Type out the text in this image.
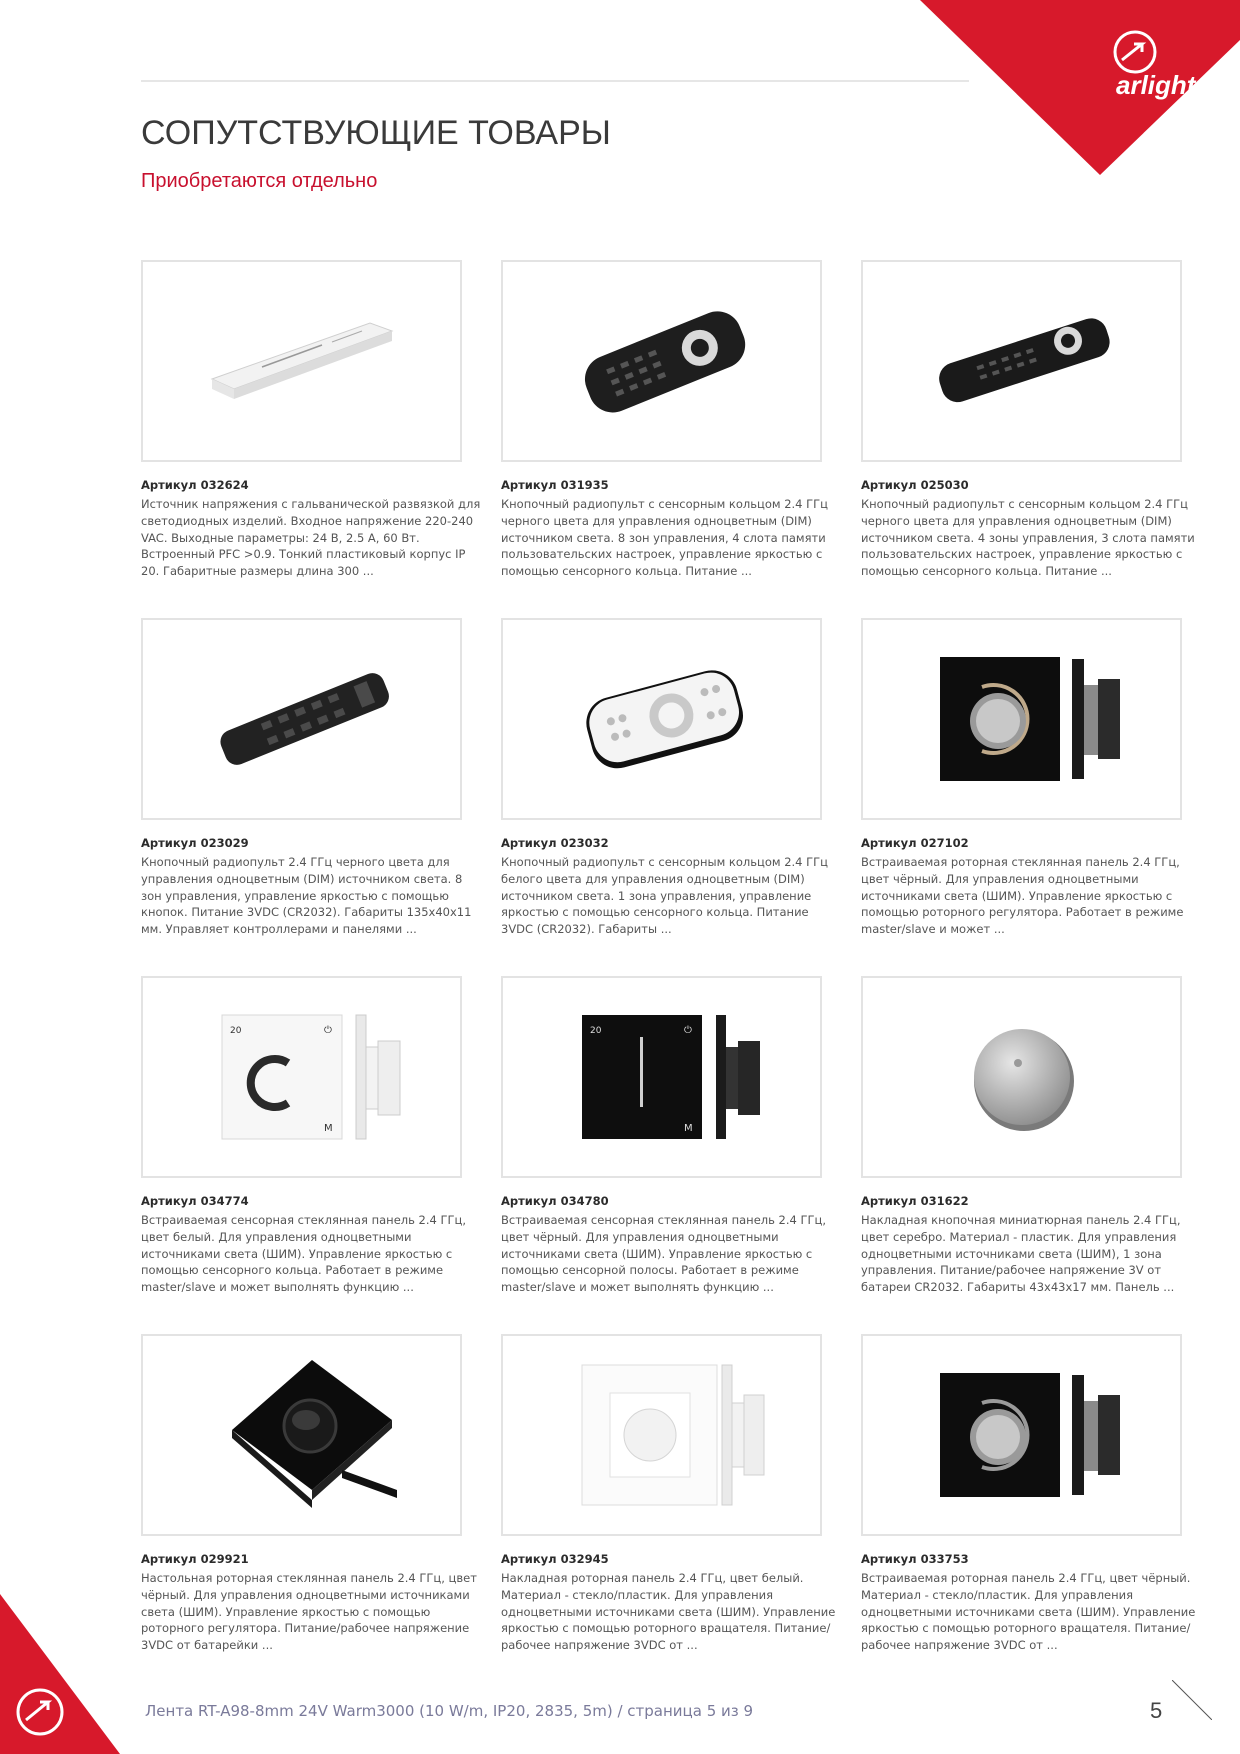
arlight
СОПУТСТВУЮЩИЕ ТОВАРЫ
Приобретаются отдельно
Артикул 032624
Источник напряжения с гальванической развязкой для светодиодных изделий. Входное напряжение 220-240 VAC. Выходные параметры: 24 В, 2.5 А, 60 Вт. Встроенный PFC >0.9. Тонкий пластиковый корпус IP 20. Габаритные размеры длина 300 ...
Артикул 031935
Кнопочный радиопульт с сенсорным кольцом 2.4 ГГц черного цвета для управления одноцветным (DIM) источником света. 8 зон управления, 4 слота памяти пользовательских настроек, управление яркостью с помощью сенсорного кольца. Питание ...
Артикул 025030
Кнопочный радиопульт с сенсорным кольцом 2.4 ГГц черного цвета для управления одноцветным (DIM) источником света. 4 зоны управления, 3 слота памяти пользовательских настроек, управление яркостью с помощью сенсорного кольца. Питание ...
Артикул 023029
Кнопочный радиопульт 2.4 ГГц черного цвета для управления одноцветным (DIM) источником света. 8 зон управления, управление яркостью с помощью кнопок. Питание 3VDC (CR2032). Габариты 135x40x11 мм. Управляет контроллерами и панелями ...
Артикул 023032
Кнопочный радиопульт с сенсорным кольцом 2.4 ГГц белого цвета для управления одноцветным (DIM) источником света. 1 зона управления, управление яркостью с помощью сенсорного кольца. Питание 3VDC (CR2032). Габариты ...
Артикул 027102
Встраиваемая роторная стеклянная панель 2.4 ГГц, цвет чёрный. Для управления одноцветными источниками света (ШИМ). Управление яркостью с помощью роторного регулятора. Работает в режиме master/slave и может ...
20	⏻
M
Артикул 034774
Встраиваемая сенсорная стеклянная панель 2.4 ГГц, цвет белый. Для управления одноцветными источниками света (ШИМ). Управление яркостью с помощью сенсорного кольца. Работает в режиме master/slave и может выполнять функцию ...
20	⏻
M
Артикул 034780
Встраиваемая сенсорная стеклянная панель 2.4 ГГц, цвет чёрный. Для управления одноцветными источниками света (ШИМ). Управление яркостью с помощью сенсорной полосы. Работает в режиме master/slave и может выполнять функцию ...
Артикул 031622
Накладная кнопочная миниатюрная панель 2.4 ГГц, цвет серебро. Материал - пластик. Для управления одноцветными источниками света (ШИМ), 1 зона управления. Питание/рабочее напряжение 3V от батареи CR2032. Габариты 43x43x17 мм. Панель ...
Артикул 029921
Настольная роторная стеклянная панель 2.4 ГГц, цвет чёрный. Для управления одноцветными источниками света (ШИМ). Управление яркостью с помощью роторного регулятора. Питание/рабочее напряжение 3VDC от батарейки ...
Артикул 032945
Накладная роторная панель 2.4 ГГц, цвет белый. Материал - стекло/пластик. Для управления одноцветными источниками света (ШИМ). Управление яркостью с помощью роторного вращателя. Питание/рабочее напряжение 3VDC от ...
Артикул 033753
Встраиваемая роторная панель 2.4 ГГц, цвет чёрный. Материал - стекло/пластик. Для управления одноцветными источниками света (ШИМ). Управление яркостью с помощью роторного вращателя. Питание/рабочее напряжение 3VDC от ...
Лента RT-A98-8mm 24V Warm3000 (10 W/m, IP20, 2835, 5m) / страница 5 из 9	5
